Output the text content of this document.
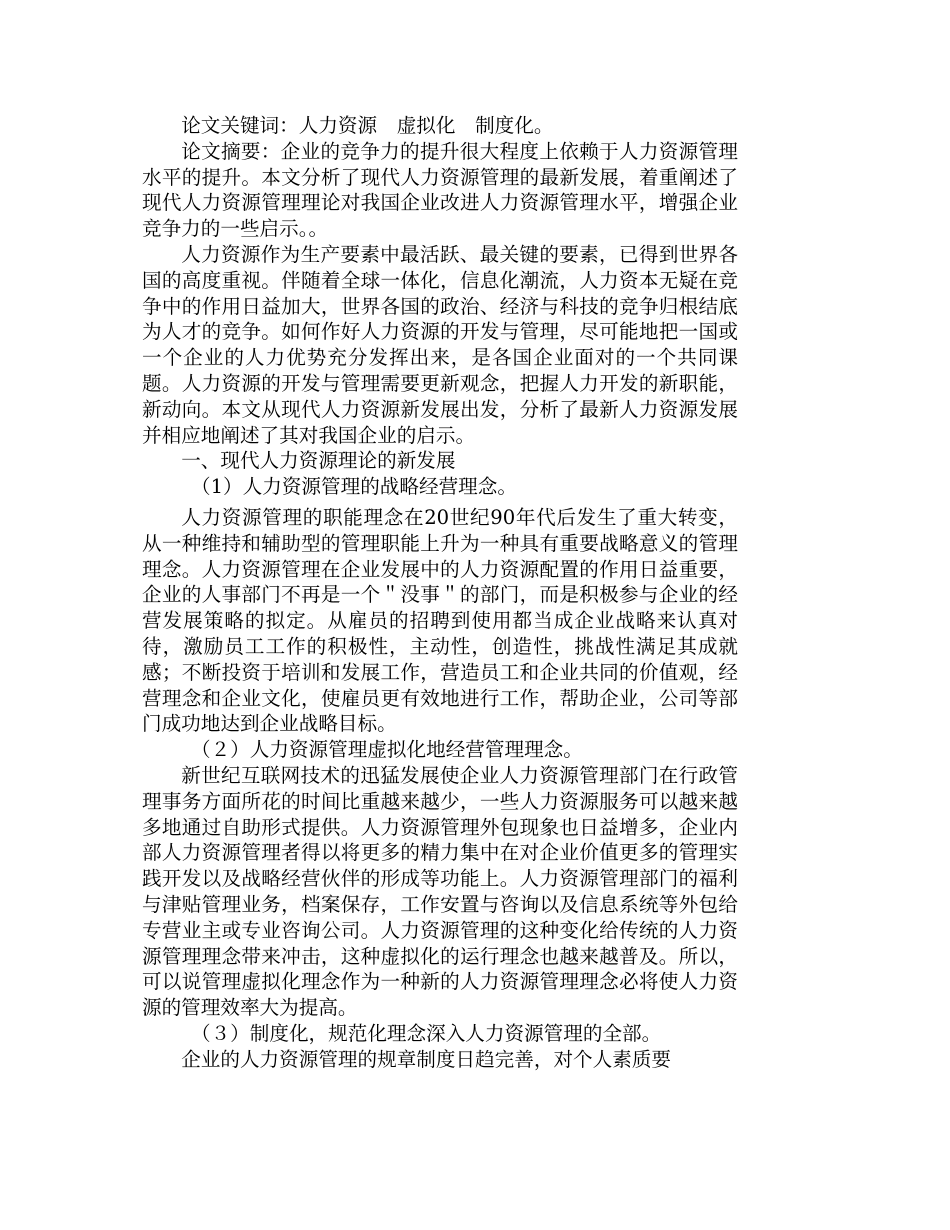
论文关键词：人力资源　虚拟化　制度化。

论文摘要：企业的竞争力的提升很大程度上依赖于人力资源管理水平的提升。本文分析了现代人力资源管理的最新发展，着重阐述了现代人力资源管理理论对我国企业改进人力资源管理水平，增强企业竞争力的一些启示。。

人力资源作为生产要素中最活跃、最关键的要素，已得到世界各国的高度重视。伴随着全球一体化，信息化潮流，人力资本无疑在竞争中的作用日益加大，世界各国的政治、经济与科技的竞争归根结底为人才的竞争。如何作好人力资源的开发与管理，尽可能地把一国或一个企业的人力优势充分发挥出来，是各国企业面对的一个共同课题。人力资源的开发与管理需要更新观念，把握人力开发的新职能，新动向。本文从现代人力资源新发展出发，分析了最新人力资源发展并相应地阐述了其对我国企业的启示。

一、现代人力资源理论的新发展

（1）人力资源管理的战略经营理念。

人力资源管理的职能理念在20世纪90年代后发生了重大转变，从一种维持和辅助型的管理职能上升为一种具有重要战略意义的管理理念。人力资源管理在企业发展中的人力资源配置的作用日益重要，企业的人事部门不再是一个＂没事＂的部门，而是积极参与企业的经营发展策略的拟定。从雇员的招聘到使用都当成企业战略来认真对待，激励员工工作的积极性，主动性，创造性，挑战性满足其成就感；不断投资于培训和发展工作，营造员工和企业共同的价值观，经营理念和企业文化，使雇员更有效地进行工作，帮助企业，公司等部门成功地达到企业战略目标。

（２）人力资源管理虚拟化地经营管理理念。

新世纪互联网技术的迅猛发展使企业人力资源管理部门在行政管理事务方面所花的时间比重越来越少，一些人力资源服务可以越来越多地通过自助形式提供。人力资源管理外包现象也日益增多，企业内部人力资源管理者得以将更多的精力集中在对企业价值更多的管理实践开发以及战略经营伙伴的形成等功能上。人力资源管理部门的福利与津贴管理业务，档案保存，工作安置与咨询以及信息系统等外包给专营业主或专业咨询公司。人力资源管理的这种变化给传统的人力资源管理理念带来冲击，这种虚拟化的运行理念也越来越普及。所以，可以说管理虚拟化理念作为一种新的人力资源管理理念必将使人力资源的管理效率大为提高。

（３）制度化，规范化理念深入人力资源管理的全部。

企业的人力资源管理的规章制度日趋完善，对个人素质要
